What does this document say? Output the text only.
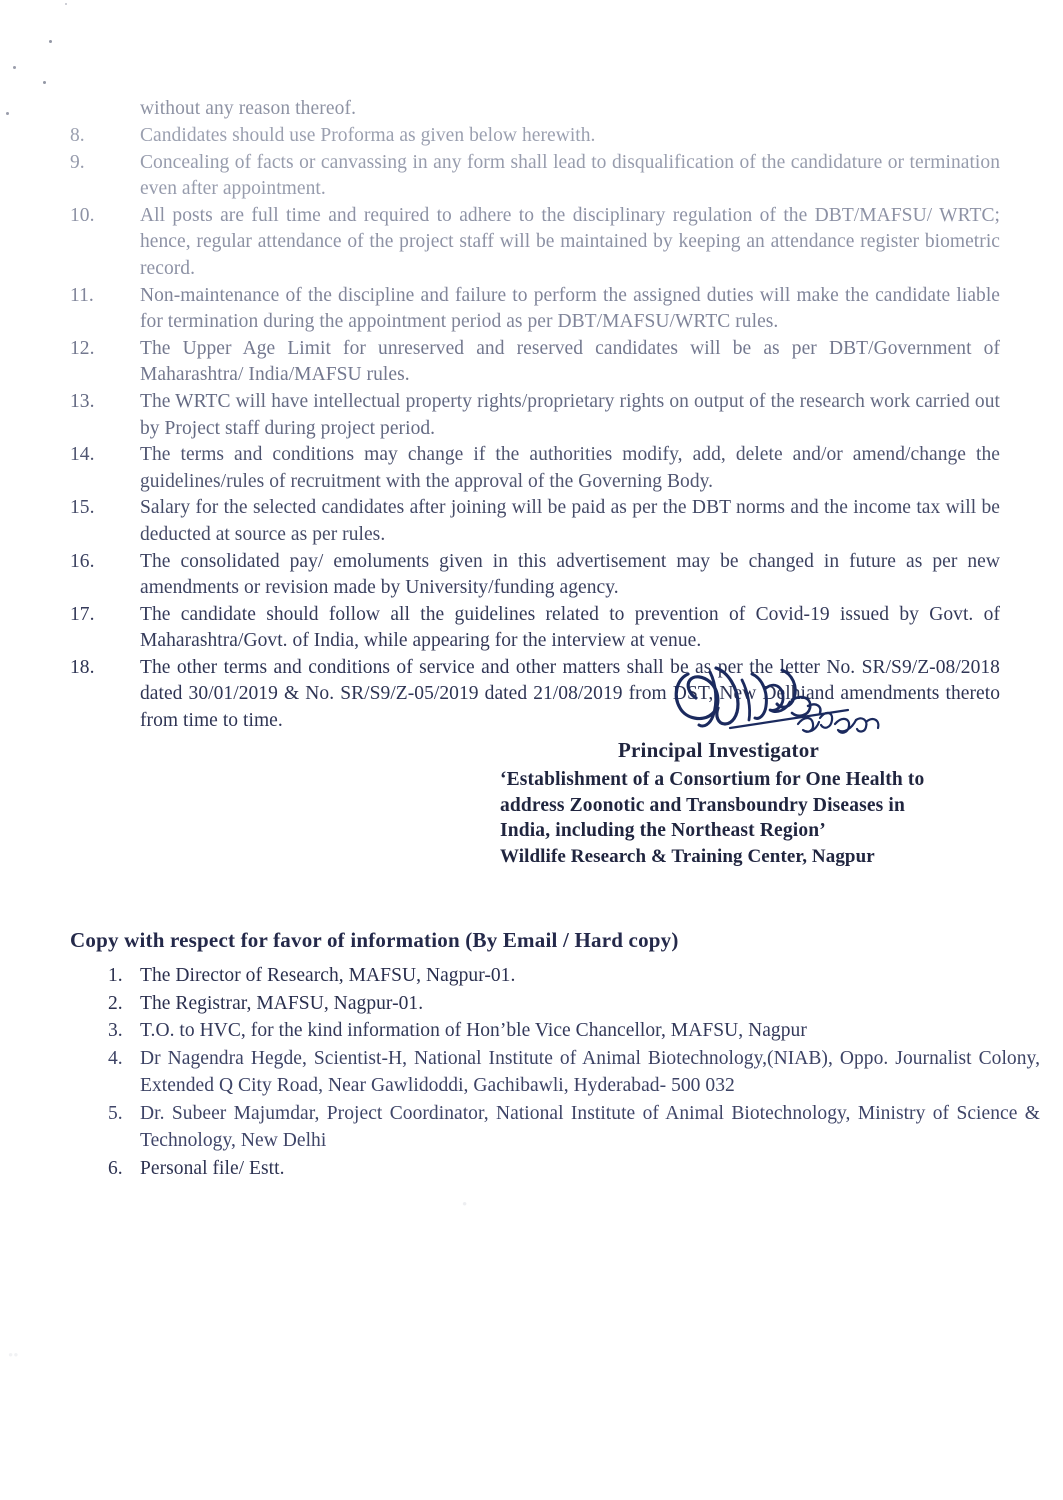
••
•

without any reason thereof.

8.	Candidates should use Proforma as given below herewith.

9.	Concealing of facts or canvassing in any form shall lead to disqualification of the candidature or termination even after appointment.

10.	All posts are full time and required to adhere to the disciplinary regulation of the DBT/MAFSU/ WRTC; hence, regular attendance of the project staff will be maintained by keeping an attendance register biometric record.

11.	Non-maintenance of the discipline and failure to perform the assigned duties will make the candidate liable for termination during the appointment period as per DBT/MAFSU/WRTC rules.

12.	The Upper Age Limit for unreserved and reserved candidates will be as per DBT/Government of Maharashtra/ India/MAFSU rules.

13.	The WRTC will have intellectual property rights/proprietary rights on output of the research work carried out by Project staff during project period.

14.	The terms and conditions may change if the authorities modify, add, delete and/or amend/change the guidelines/rules of recruitment with the approval of the Governing Body.

15.	Salary for the selected candidates after joining will be paid as per the DBT norms and the income tax will be deducted at source as per rules.

16.	The consolidated pay/ emoluments given in this advertisement may be changed in future as per new amendments or revision made by University/funding agency.

17.	The candidate should follow all the guidelines related to prevention of Covid-19 issued by Govt. of Maharashtra/Govt. of India, while appearing for the interview at venue.

18.	The other terms and conditions of service and other matters shall be as per the letter No. SR/S9/Z-08/2018 dated 30/01/2019 & No. SR/S9/Z-05/2019 dated 21/08/2019 from DST, New Delhiand amendments thereto from time to time.

Principal Investigator

‘Establishment of a Consortium for One Health to
address Zoonotic and Transboundry Diseases in
India, including the Northeast Region’

Wildlife Research & Training Center, Nagpur

Copy with respect for favor of information (By Email / Hard copy)
1. The Director of Research, MAFSU, Nagpur-01.

2. The Registrar, MAFSU, Nagpur-01.

3. T.O. to HVC, for the kind information of Hon’ble Vice Chancellor, MAFSU, Nagpur

4. Dr Nagendra Hegde, Scientist-H, National Institute of Animal Biotechnology,(NIAB), Oppo. Journalist Colony, Extended Q City Road, Near Gawlidoddi, Gachibawli, Hyderabad- 500 032

5. Dr. Subeer Majumdar, Project Coordinator, National Institute of Animal Biotechnology, Ministry of Science & Technology, New Delhi

6. Personal file/ Estt.
